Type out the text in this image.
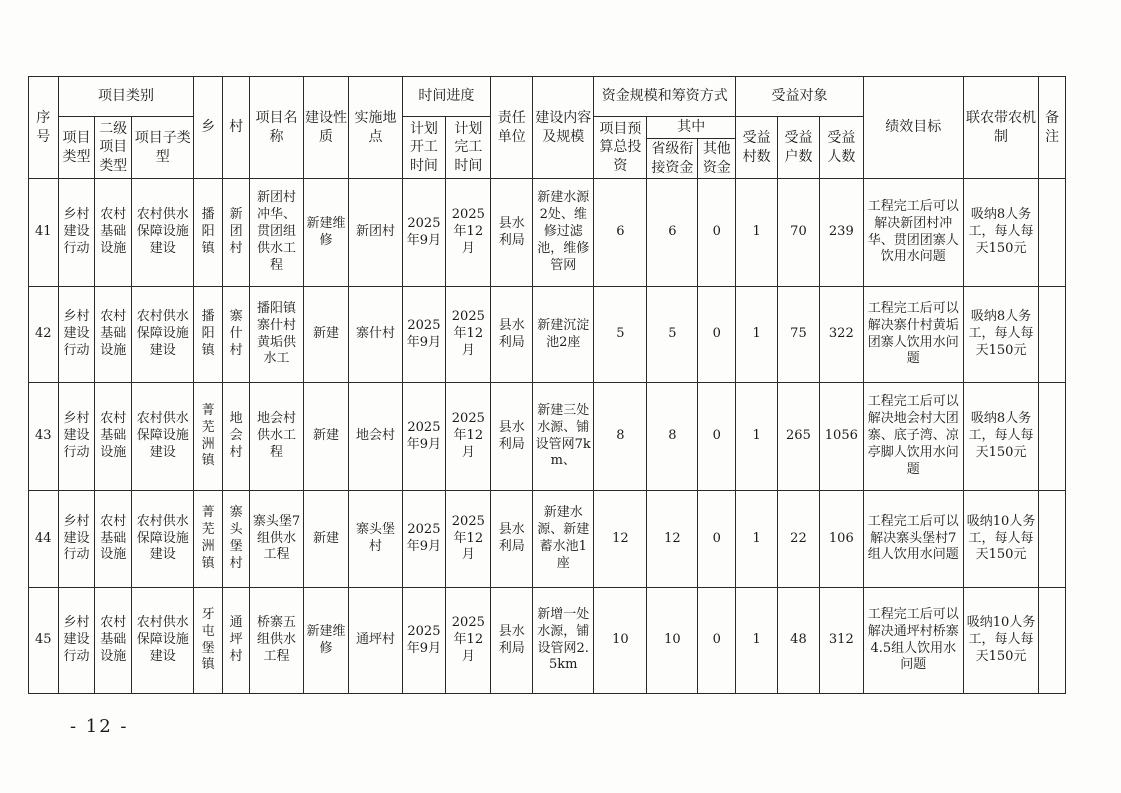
序号	项目类别			乡	村	项目名称	建设性质	实施地点	时间进度		责任单位	建设内容及规模	资金规模和筹资方式			受益对象			绩效目标	联农带农机制	备注
	项目类型	二级项目类型	项目子类型						计划开工时间	计划完工时间			项目预算总投资	其中		受益村数	受益户数	受益人数			
														省级衔接资金	其他资金						
41	乡村建设行动	农村基础设施	农村供水保障设施建设	播阳镇	新团村	新团村冲华、贯团组供水工程	新建维修	新团村	2025年9月	2025年12月	县水利局	新建水源2处、维修过滤池，维修管网	6	6	0	1	70	239	工程完工后可以解决新团村冲华、贯团团寨人饮用水问题	吸纳8人务工，每人每天150元	
42	乡村建设行动	农村基础设施	农村供水保障设施建设	播阳镇	寨什村	播阳镇寨什村黄垢供水工	新建	寨什村	2025年9月	2025年12月	县水利局	新建沉淀池2座	5	5	0	1	75	322	工程完工后可以解决寨什村黄垢团寨人饮用水问题	吸纳8人务工，每人每天150元	
43	乡村建设行动	农村基础设施	农村供水保障设施建设	菁芜洲镇	地会村	地会村供水工程	新建	地会村	2025年9月	2025年12月	县水利局	新建三处水源、铺设管网7km、	8	8	0	1	265	1056	工程完工后可以解决地会村大团寨、底子湾、凉亭脚人饮用水问题	吸纳8人务工，每人每天150元	
44	乡村建设行动	农村基础设施	农村供水保障设施建设	菁芜洲镇	寨头堡村	寨头堡7组供水工程	新建	寨头堡村	2025年9月	2025年12月	县水利局	新建水源、新建蓄水池1座	12	12	0	1	22	106	工程完工后可以解决寨头堡村7组人饮用水问题	吸纳10人务工，每人每天150元	
45	乡村建设行动	农村基础设施	农村供水保障设施建设	牙屯堡镇	通坪村	桥寨五组供水工程	新建维修	通坪村	2025年9月	2025年12月	县水利局	新增一处水源，铺设管网2.5km	10	10	0	1	48	312	工程完工后可以解决通坪村桥寨4.5组人饮用水问题	吸纳10人务工，每人每天150元	
- 12 -
